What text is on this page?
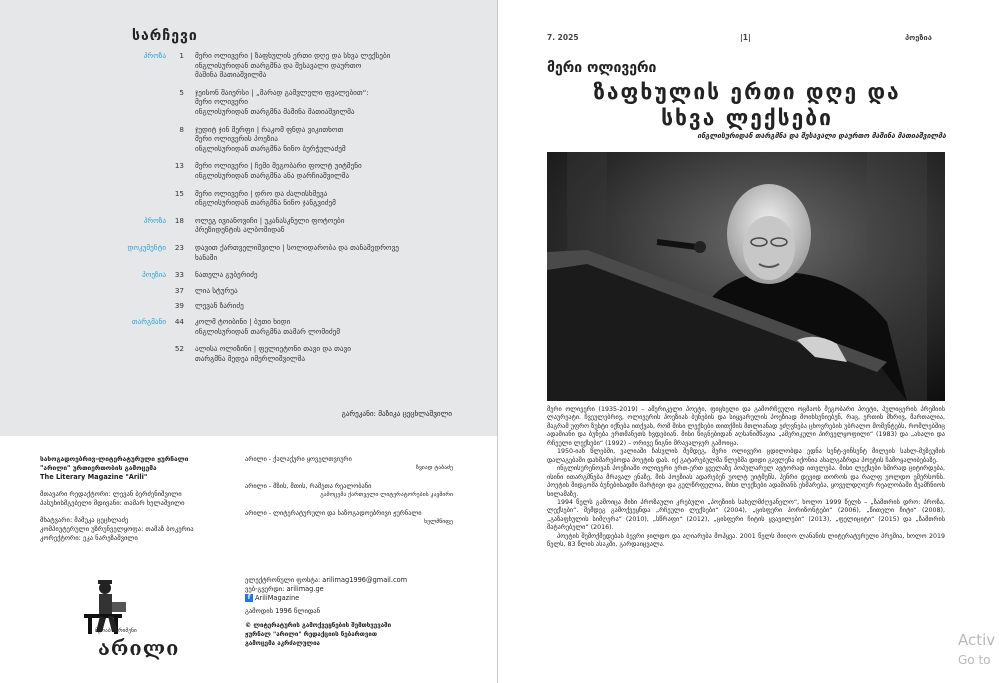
სარჩევი
პროზა	1 მერი ოლივერი | ზაფხულის ერთი დღე და სხვა ლექსები
ინგლისურიდან თარგმნა და შესავალი დაურთო
მაშინა მათიაშვილმა
5 ჯეისონ შაიერსი | „მარად გამვლელი ფვალებით“:
მერი ოლივერი
ინგლისურიდან თარგმნა მაშინა მათიაშვილმა
8 ჯუდიტ ჯინ მერფი | რაკომ ფნდა ვიკითხოთ
მერი ოლივერის პოეზია
ინგლისურიდან თარგმნა ნინო ბურჭულაძემ
13 მერი ოლივერი | ჩემი მეგობარი ფოლტ უიტმენი
ინგლისურიდან თარგმნა ანა დარჩიაშვილმა
15 მერი ოლივერი | დრო და ძალისხმევა
ინგლისურიდან თარგმნა ნინო ჯანგვიძემ
პროზა	18 ოლეგ ივიანოვიჩი | უკანასკნელი ფოტოები
პრეზიდენტის ალბომიდან
დოკუმენტი	23 დავით ქართველიშვილი | სოლიდარობა და თანამედროვე
ხანაში
პოეზია	33 ნათელა გუბერიძე
37 ლია სტურუა
39 ლევან ზარიძე
თარგმანი	44 კოლმ ტოიბინი | ბუთი ხიდი
ინგლისურიდან თარგმნა თამარ ლომიძემ
52 ალისა ოლიზინი | ფელიეტონი თავი და თავი
თარგმნა მედეა იმერლიშვილმა
გარეკანი: მაზიკა ცეცხლაშვილი
სახოგადოებრივ-ლიტერატურული ჟურნალი
"არილი" ურთიერთობის გამოცემა
The Literary Magazine "Arili"
მთავარი რედაქტორი: ლევან ბერძენიშვილი
პასუხისმგებელი მდივანი: თამარ ხელაშვილი
მხატვარი: მამუკა ცეცხლაძე
კომპიუტერული უზრუნველყოფა: თამაზ ბოკერია
კორექტორი: ეკა ნარეზაშვილი
არილი - ქალაქური ყოველთვიური
ზვიად ტაბაძე
არილი - მზის, მთის, რამეთა რეალობანი
გამოცემა ქართველი ლიტერატორების კავშირი
არილი - ლიტერატურული და საზოგადოებრივი ჟურნალი
ხელმწიფე
ელექტრონული ფოსტა: arilimag1996@gmail.com
ვებ-გვერდი: arilimag.ge
f AriliMagazine
გამოდის 1996 წლიდან
© ლიტერატურის გამოქვეყნების შემთხვევაში
ჟურნალ "არილი" რედაქციის ნებართვით
გამოცემა აკრძალულია
მერაბ ნარიმენი
არილი
7. 2025	|1|	პოეზია
მერი ოლივერი
ზაფხულის ერთი დღე და
სხვა ლექსები
ინგლისურიდან თარგმნა და შესავალი დაურთო მაშინა მათიაშვილმა

მერი ოლივერი (1935-2019) – ამერიკელი პოეტი, ფიცხელი და გამორჩეული ოცმაოს მეგობარი პოეტი, პულიცერის პრემიის ლაურეატი. ჩვეულებრივ, ოლივერის პოეზიას ბუნების და სიყვარულის პოეზიად მოიხსენიებენ, რაც, ერთის მხრივ, მართალია, მაგრამ უფრო ზუსტი იქნება ითქვას, რომ მისი ლექსები თითქმის მთლიანად ეძღვნება ცხოვრების უბრალო მომენტებს, რომლებშიც ადამიანი და ბუნება ერთმანეთს ხვდებიან. მისი წიგნებიდან აღსანიშნავია „ამერიკული პირველყოფილი“ (1983) და „ახალი და რჩეული ლექსები“ (1992) – ორივე წიგნი მრავალჯერ გამოიცა.

1950-იან წლებში, ვალიაში ჩასვლის შემდეგ, მერი ოლივერი ცდილობდა ედნა სენტ-ვინსენტ მილეის სახლ-მუზეუმის დალაგებაში დახმარებოდა პოეტის დას. იქ გატარებულმა წლებმა დიდი გავლენა იქონია ახალგაზრდა პოეტის ჩამოყალიბებაზე.

ინგლისურენოვან პოეზიაში ოლივერი ერთ-ერთ ყველაზე პოპულარულ ავტორად ითვლება. მისი ლექსები ხშირად ციტირდება, ისინი ითარგმნება მრავალ ენაზე, მის პოეზიას ადარებენ უოლტ უიტმენს, ჰენრი დევიდ თოროს და რალფ უოლდო ემერსონს. პოეტის მიდგომა ბუნებისადმი მარტივი და გულწრფელია, მისი ლექსები ადამიანს ეხმარება, ყოველდღიურ რეალობაში შეამჩნიოს სილამაზე.

1994 წელს გამოიცა მისი პროზაული კრებული „პოეზიის სახელმძღვანელო“, ხოლო 1999 წელს – „ზამთრის დრო: პროზა, ლექსები“. შემდეგ გამოქვეყნდა „რჩეული ლექსები“ (2004), „ცისფერი ჰორიზონტები“ (2006), „წითელი ჩიტი“ (2008), „გაზაფხულის სიმღერა“ (2010), „სწრაფი“ (2012), „ცისფერი ჩიტის ყვავილები“ (2013), „ფელიციტი“ (2015) და „ზამთრის მატარებელი“ (2016).

პოეტის შემოქმედებას ბევრი ჯილდო და აღიარება მოჰყვა. 2001 წელს მიიღო ლანანის ლიტერატურული პრემია, ხოლო 2019 წელს, 83 წლის ასაკში, გარდაიცვალა.

Activ
Go to
